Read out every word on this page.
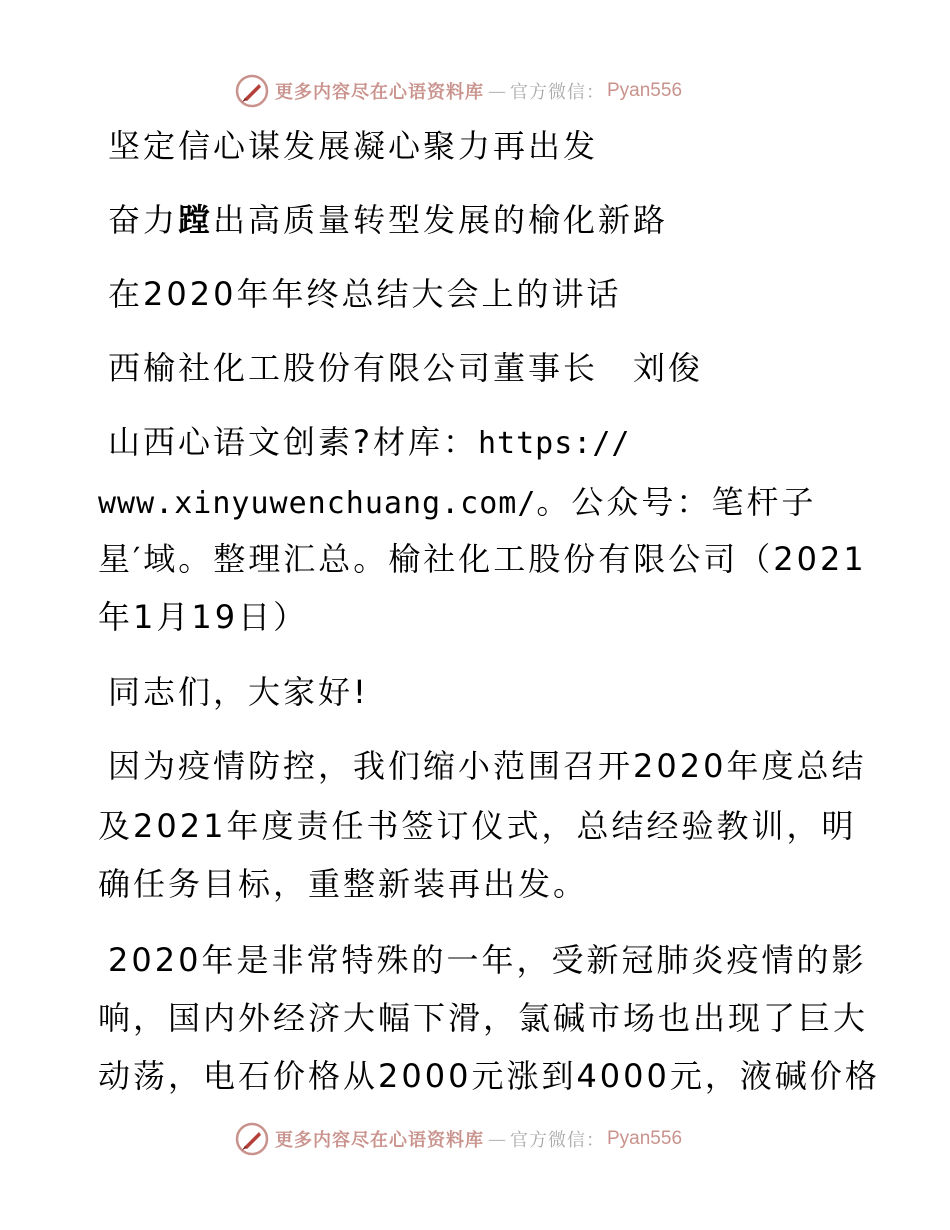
更多内容尽在心语资料库 — 官方微信： Pyan556
坚定信心谋发展凝心聚力再出发
奋力蹚出高质量转型发展的榆化新路
在2020年年终总结大会上的讲话
西榆社化工股份有限公司董事长　刘俊
山西心语文创素?材库：https://
www.xinyuwenchuang.com/。公众号：笔杆子
星′域。整理汇总。榆社化工股份有限公司（2021
年1月19日）
同志们，大家好!
因为疫情防控，我们缩小范围召开2020年度总结
及2021年度责任书签订仪式，总结经验教训，明
确任务目标，重整新装再出发。
2020年是非常特殊的一年，受新冠肺炎疫情的影
响，国内外经济大幅下滑，氯碱市场也出现了巨大
动荡，电石价格从2000元涨到4000元，液碱价格
更多内容尽在心语资料库 — 官方微信： Pyan556
